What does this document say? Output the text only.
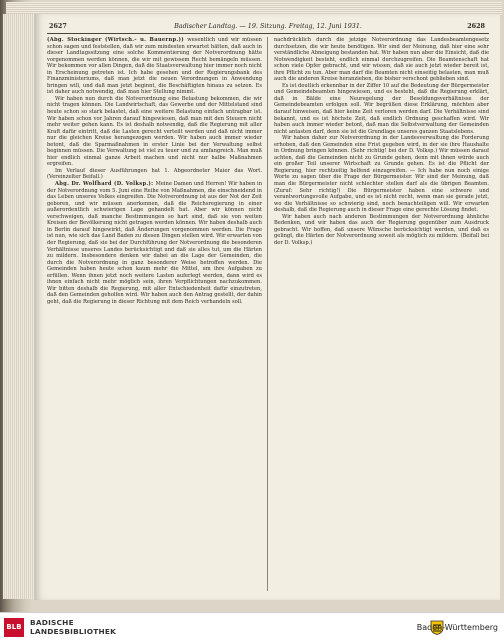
2627	Badischer Landtag. — 19. Sitzung. Freitag, 12. Juni 1931.	2628

(Abg. Stockinger (Wirtsch.- u. Bauernp.)) wesentlich und wir müssen schon sagen und feststellen, daß wir zum mindesten erwartet hätten, daß auch in dieser Landtagssitzung eine solche Kommentierung der Notverordnung hätte vorgenommen werden können, die wir mit gewissem Recht bemängeln müssen. Wir bekommen vor allen Dingen, daß die Staatsverwaltung hier immer noch nicht in Erscheinung getreten ist. Ich habe gesehen und der Regierungsbank des Finanzministeriums, daß man jetzt die neuen Verordnungen in Anwendung bringen will, und daß man jetzt beginnt, die Beschäftigten hinaus zu setzen. Es ist daher auch notwendig, daß man hier Stellung nimmt.

Wir haben nun durch die Notverordnung eine Belastung bekommen, die wir nicht tragen können. Die Landwirtschaft, das Gewerbe und der Mittelstand sind heute schon so stark belastet, daß eine weitere Belastung einfach untragbar ist. Wir haben schon vor Jahren darauf hingewiesen, daß man mit den Steuern nicht mehr weiter gehen kann. Es ist deshalb notwendig, daß die Regierung mit aller Kraft dafür eintritt, daß die Lasten gerecht verteilt werden und daß nicht immer nur die gleichen Kreise herangezogen werden. Wir haben auch immer wieder betont, daß die Sparmaßnahmen in erster Linie bei der Verwaltung selbst beginnen müssen. Die Verwaltung ist viel zu teuer und zu umfangreich. Man muß hier endlich einmal ganze Arbeit machen und nicht nur halbe Maßnahmen ergreifen.

Im Verlauf dieser Ausführungen hat 1. Abgeordneter Maier das Wort. (Vereinzelter Beifall.)

Abg. Dr. Wolfhard (D. Volksp.): Meine Damen und Herren! Wir haben in der Notverordnung vom 5. Juni eine Reihe von Maßnahmen, die einschneidend in das Leben unseres Volkes eingreifen. Die Notverordnung ist aus der Not der Zeit geboren, und wir müssen anerkennen, daß die Reichsregierung in einer außerordentlich schwierigen Lage gehandelt hat. Aber wir können nicht verschweigen, daß manche Bestimmungen so hart sind, daß sie von weiten Kreisen der Bevölkerung nicht getragen werden können. Wir haben deshalb auch in Berlin darauf hingewirkt, daß Änderungen vorgenommen werden. Die Frage ist nun, wie sich das Land Baden zu diesen Dingen stellen wird. Wir erwarten von der Regierung, daß sie bei der Durchführung der Notverordnung die besonderen Verhältnisse unseres Landes berücksichtigt und daß sie alles tut, um die Härten zu mildern. Insbesondere denken wir dabei an die Lage der Gemeinden, die durch die Notverordnung in ganz besonderer Weise betroffen werden. Die Gemeinden haben heute schon kaum mehr die Mittel, um ihre Aufgaben zu erfüllen. Wenn ihnen jetzt noch weitere Lasten auferlegt werden, dann wird es ihnen einfach nicht mehr möglich sein, ihren Verpflichtungen nachzukommen. Wir bitten deshalb die Regierung, mit aller Entschiedenheit dafür einzutreten, daß den Gemeinden geholfen wird. Wir haben auch den Antrag gestellt, der dahin geht, daß die Regierung in dieser Richtung mit dem Reich verhandeln soll.

nachdrücklich durch die jetzige Notverordnung das Landesbeamtengesetz durchsetzen, die wir heute benötigen. Wir sind der Meinung, daß hier eine sehr verständliche Abneigung bestanden hat. Wir haben nun aber die Einsicht, daß die Notwendigkeit besteht, endlich einmal durchzugreifen. Die Beamtenschaft hat schon viele Opfer gebracht, und wir wissen, daß sie auch jetzt wieder bereit ist, ihre Pflicht zu tun. Aber man darf die Beamten nicht einseitig belasten, man muß auch die anderen Kreise heranziehen, die bisher verschont geblieben sind.

Es ist deutlich erkennbar in der Ziffer 10 auf die Bedeutung der Bürgermeister und Gemeindebeamten hingewiesen, und es besteht, daß die Regierung erklärt, daß in Bälde eine Neuregelung der Besoldungsverhältnisse der Gemeindebeamten erfolgen soll. Wir begrüßen diese Erklärung, möchten aber darauf hinweisen, daß hier keine Zeit verloren werden darf. Die Verhältnisse sind bekannt, und es ist höchste Zeit, daß endlich Ordnung geschaffen wird. Wir haben auch immer wieder betont, daß man die Selbstverwaltung der Gemeinden nicht antasten darf, denn sie ist die Grundlage unseres ganzen Staatslebens.

Wir haben daher zur Notverordnung in der Landesverwaltung die Forderung erhoben, daß den Gemeinden eine Frist gegeben wird, in der sie ihre Haushalte in Ordnung bringen können. (Sehr richtig! bei der D. Volksp.) Wir müssen darauf achten, daß die Gemeinden nicht zu Grunde gehen, denn mit ihnen würde auch ein großer Teil unserer Wirtschaft zu Grunde gehen. Es ist die Pflicht der Regierung, hier rechtzeitig helfend einzugreifen. — Ich habe nun noch einige Worte zu sagen über die Frage der Bürgermeister. Wir sind der Meinung, daß man die Bürgermeister nicht schlechter stellen darf als die übrigen Beamten. (Zuruf: Sehr richtig!) Die Bürgermeister haben eine schwere und verantwortungsvolle Aufgabe, und es ist nicht recht, wenn man sie gerade jetzt, wo die Verhältnisse so schwierig sind, noch benachteiligen will. Wir erwarten deshalb, daß die Regierung auch in dieser Frage eine gerechte Lösung findet.

Wir haben auch nach anderen Bestimmungen der Notverordnung ähnliche Bedenken, und wir haben das auch der Regierung gegenüber zum Ausdruck gebracht. Wir hoffen, daß unsere Wünsche berücksichtigt werden, und daß es gelingt, die Härten der Notverordnung soweit als möglich zu mildern. (Beifall bei der D. Volksp.)

BLB	BADISCHE
LANDESBIBLIOTHEK	Baden-Württemberg
